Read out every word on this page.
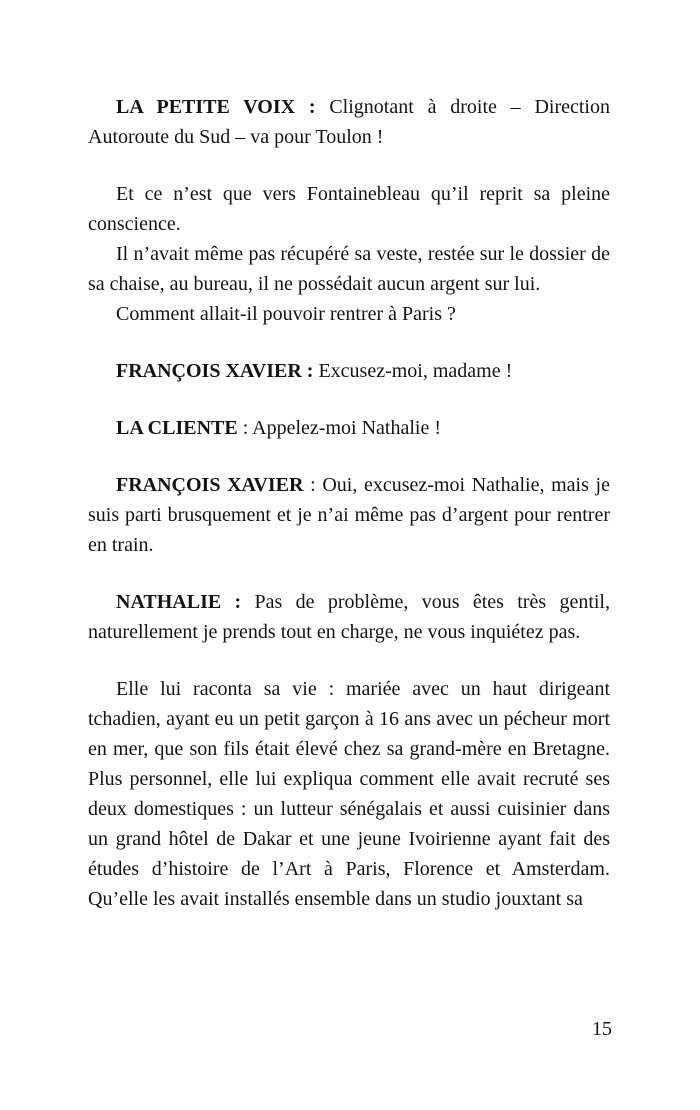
LA PETITE VOIX : Clignotant à droite – Direction Autoroute du Sud – va pour Toulon !

Et ce n’est que vers Fontainebleau qu’il reprit sa pleine conscience.

Il n’avait même pas récupéré sa veste, restée sur le dossier de sa chaise, au bureau, il ne possédait aucun argent sur lui.

Comment allait-il pouvoir rentrer à Paris ?

FRANÇOIS XAVIER : Excusez-moi, madame !

LA CLIENTE : Appelez-moi Nathalie !

FRANÇOIS XAVIER : Oui, excusez-moi Nathalie, mais je suis parti brusquement et je n’ai même pas d’argent pour rentrer en train.

NATHALIE : Pas de problème, vous êtes très gentil, naturellement je prends tout en charge, ne vous inquiétez pas.

Elle lui raconta sa vie : mariée avec un haut dirigeant tchadien, ayant eu un petit garçon à 16 ans avec un pécheur mort en mer, que son fils était élevé chez sa grand-mère en Bretagne. Plus personnel, elle lui expliqua comment elle avait recruté ses deux domestiques : un lutteur sénégalais et aussi cuisinier dans un grand hôtel de Dakar et une jeune Ivoirienne ayant fait des études d’histoire de l’Art à Paris, Florence et Amsterdam. Qu’elle les avait installés ensemble dans un studio jouxtant sa

15
